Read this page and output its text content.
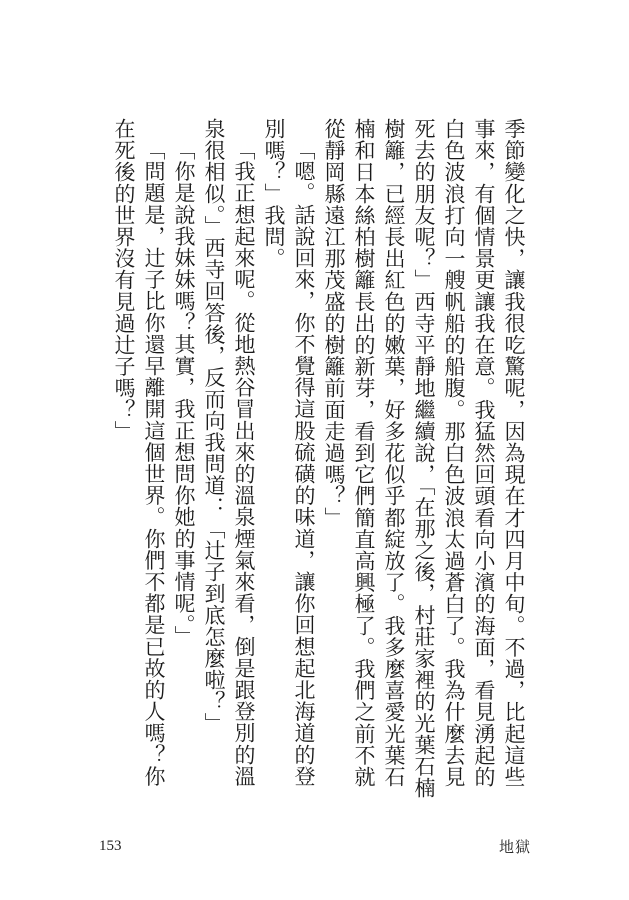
季節變化之快，讓我很吃驚呢，因為現在才四月中旬。不過，比起這些事來，有個情景更讓我在意。我猛然回頭看向小濱的海面，看見湧起的白色波浪打向一艘帆船的船腹。那白色波浪太過蒼白了。我為什麼去見死去的朋友呢？」西寺平靜地繼續說，「在那之後，村莊家裡的光葉石楠樹籬，已經長出紅色的嫩葉，好多花似乎都綻放了。我多麼喜愛光葉石楠和日本絲柏樹籬長出的新芽，看到它們簡直高興極了。我們之前不就從靜岡縣遠江那茂盛的樹籬前面走過嗎？」

「嗯。話說回來，你不覺得這股硫磺的味道，讓你回想起北海道的登別嗎？」我問。

「我正想起來呢。從地熱谷冒出來的溫泉煙氣來看，倒是跟登別的溫泉很相似。」西寺回答後，反而向我問道：「辻子到底怎麼啦？」

「你是說我妹妹嗎？其實，我正想問你她的事情呢。」

「問題是，辻子比你還早離開這個世界。你們不都是已故的人嗎？你在死後的世界沒有見過辻子嗎？」

153	地獄
